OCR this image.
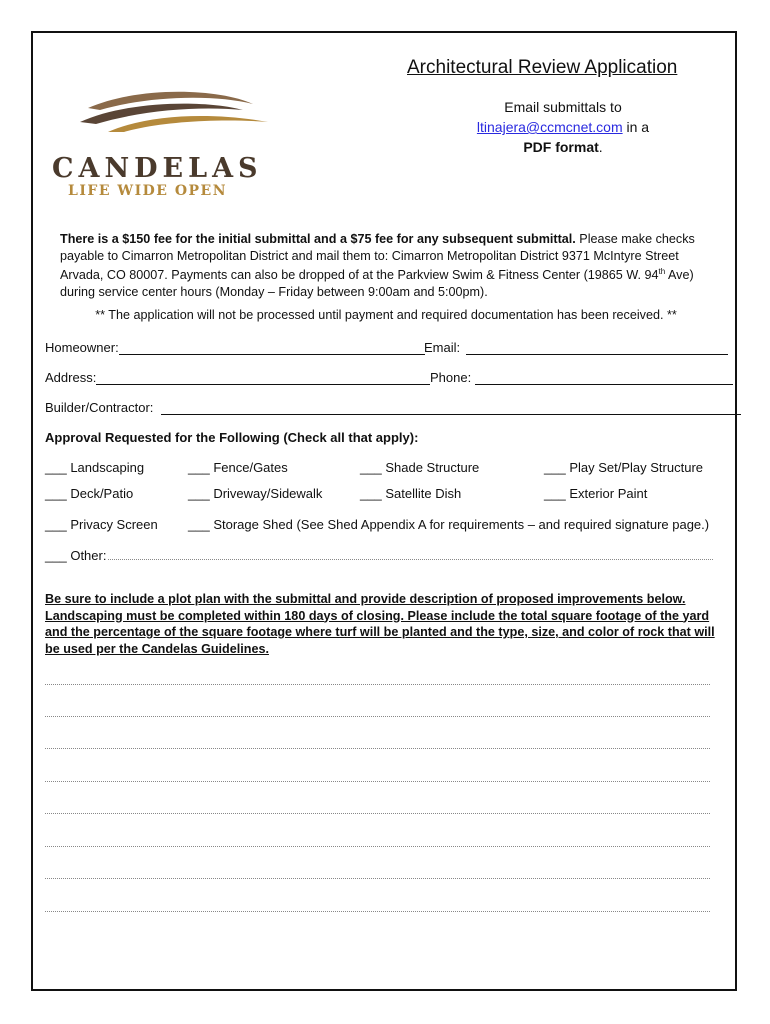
Architectural Review Application
Email submittals to
ltinajera@ccmcnet.com in a
PDF format.
CANDELAS
LIFE WIDE OPEN
There is a $150 fee for the initial submittal and a $75 fee for any subsequent submittal. Please make checks payable to Cimarron Metropolitan District and mail them to: Cimarron Metropolitan District 9371 McIntyre Street Arvada, CO 80007. Payments can also be dropped of at the Parkview Swim & Fitness Center (19865 W. 94th Ave) during service center hours (Monday – Friday between 9:00am and 5:00pm).
** The application will not be processed until payment and required documentation has been received. **
Homeowner:	Email:
Address:	Phone:
Builder/Contractor:
Approval Requested for the Following (Check all that apply):
___ Landscaping	___ Fence/Gates	___ Shade Structure	___ Play Set/Play Structure
___ Deck/Patio	___ Driveway/Sidewalk	___ Satellite Dish	___ Exterior Paint
___ Privacy Screen ___ Storage Shed (See Shed Appendix A for requirements – and required signature page.)
___ Other:
Be sure to include a plot plan with the submittal and provide description of proposed improvements below. Landscaping must be completed within 180 days of closing. Please include the total square footage of the yard and the percentage of the square footage where turf will be planted and the type, size, and color of rock that will be used per the Candelas Guidelines.
